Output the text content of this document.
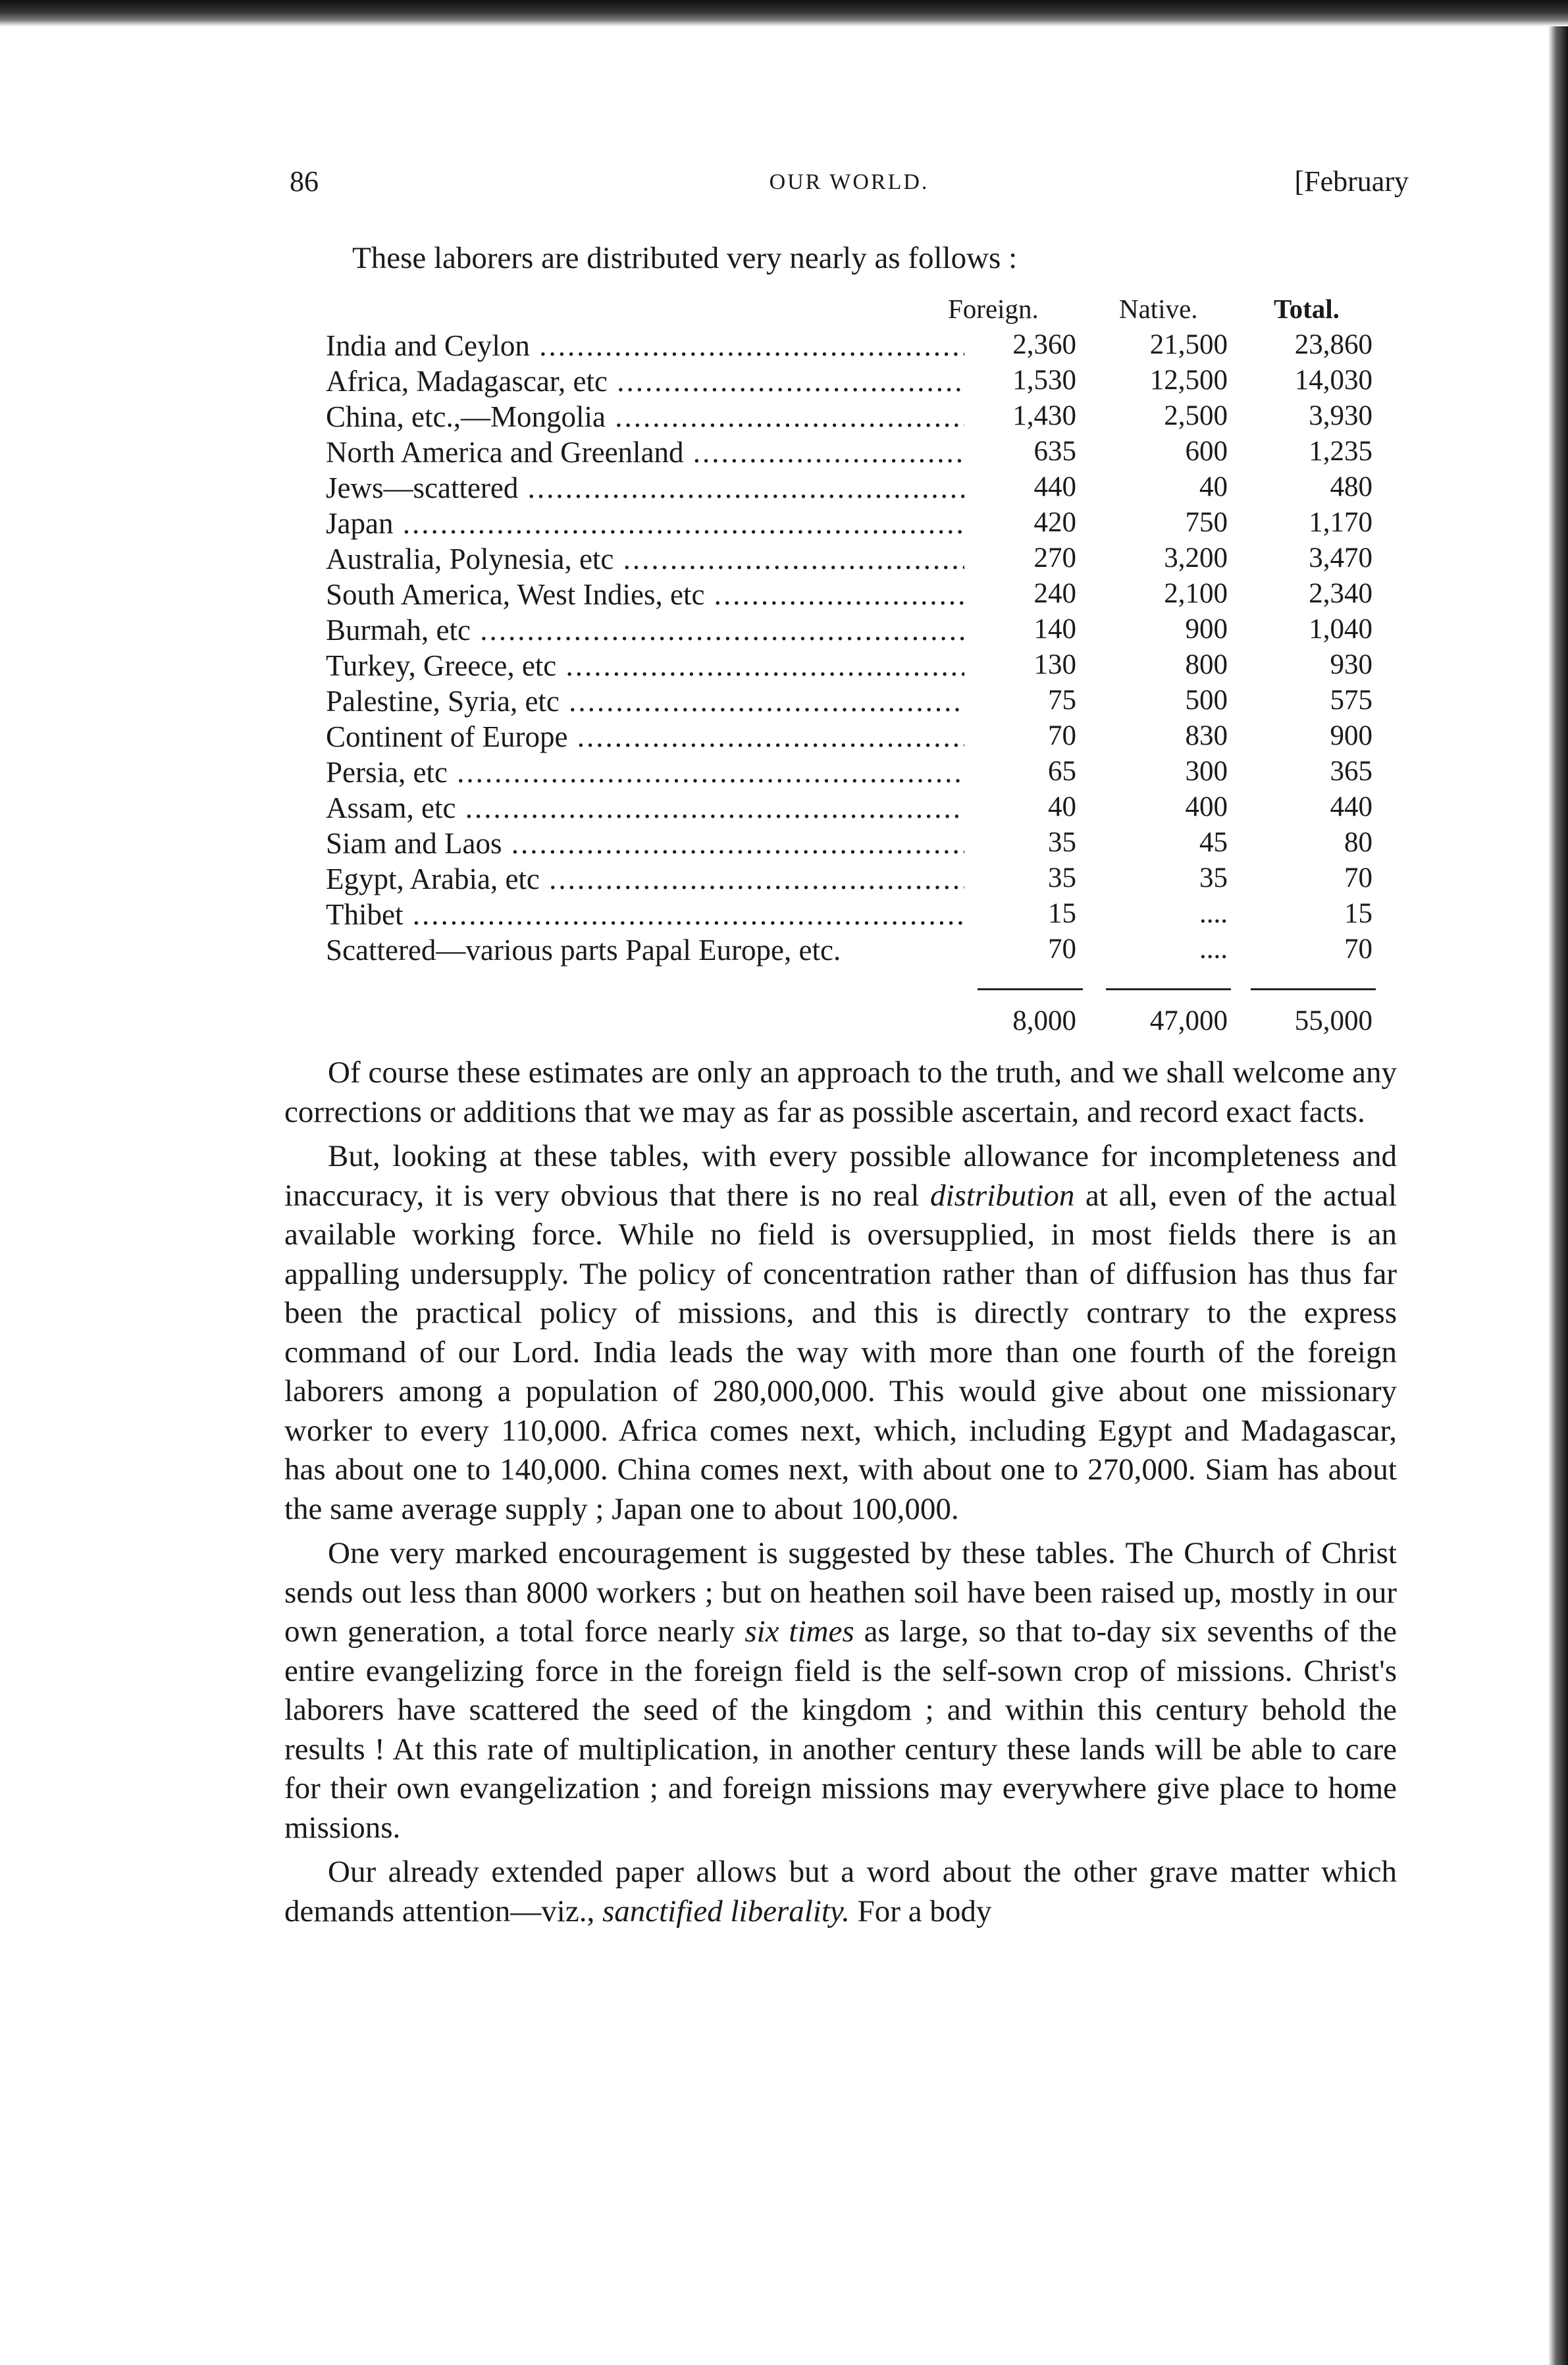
86	OUR WORLD.	[February
These laborers are distributed very nearly as follows :
Foreign.	Native.	Total.
India and Ceylon .....	2,360	21,500	23,860
Africa, Madagascar, etc .....	1,530	12,500	14,030
China, etc.,—Mongolia .....	1,430	2,500	3,930
North America and Greenland .....	635	600	1,235
Jews—scattered .....	440	40	480
Japan .....	420	750	1,170
Australia, Polynesia, etc .....	270	3,200	3,470
South America, West Indies, etc .....	240	2,100	2,340
Burmah, etc .....	140	900	1,040
Turkey, Greece, etc .....	130	800	930
Palestine, Syria, etc .....	75	500	575
Continent of Europe .....	70	830	900
Persia, etc .....	65	300	365
Assam, etc .....	40	400	440
Siam and Laos .....	35	45	80
Egypt, Arabia, etc .....	35	35	70
Thibet .....	15	....	15
Scattered—various parts Papal Europe, etc.	70	....	70
8,000	47,000	55,000

Of course these estimates are only an approach to the truth, and we shall welcome any corrections or additions that we may as far as possible ascertain, and record exact facts.

But, looking at these tables, with every possible allowance for incompleteness and inaccuracy, it is very obvious that there is no real distribution at all, even of the actual available working force. While no field is oversupplied, in most fields there is an appalling undersupply. The policy of concentration rather than of diffusion has thus far been the practical policy of missions, and this is directly contrary to the express command of our Lord. India leads the way with more than one fourth of the foreign laborers among a population of 280,000,000. This would give about one missionary worker to every 110,000. Africa comes next, which, including Egypt and Madagascar, has about one to 140,000. China comes next, with about one to 270,000. Siam has about the same average supply ; Japan one to about 100,000.

One very marked encouragement is suggested by these tables. The Church of Christ sends out less than 8000 workers ; but on heathen soil have been raised up, mostly in our own generation, a total force nearly six times as large, so that to-day six sevenths of the entire evangelizing force in the foreign field is the self-sown crop of missions. Christ's laborers have scattered the seed of the kingdom ; and within this century behold the results ! At this rate of multiplication, in another century these lands will be able to care for their own evangelization ; and foreign missions may everywhere give place to home missions.

Our already extended paper allows but a word about the other grave matter which demands attention—viz., sanctified liberality. For a body
